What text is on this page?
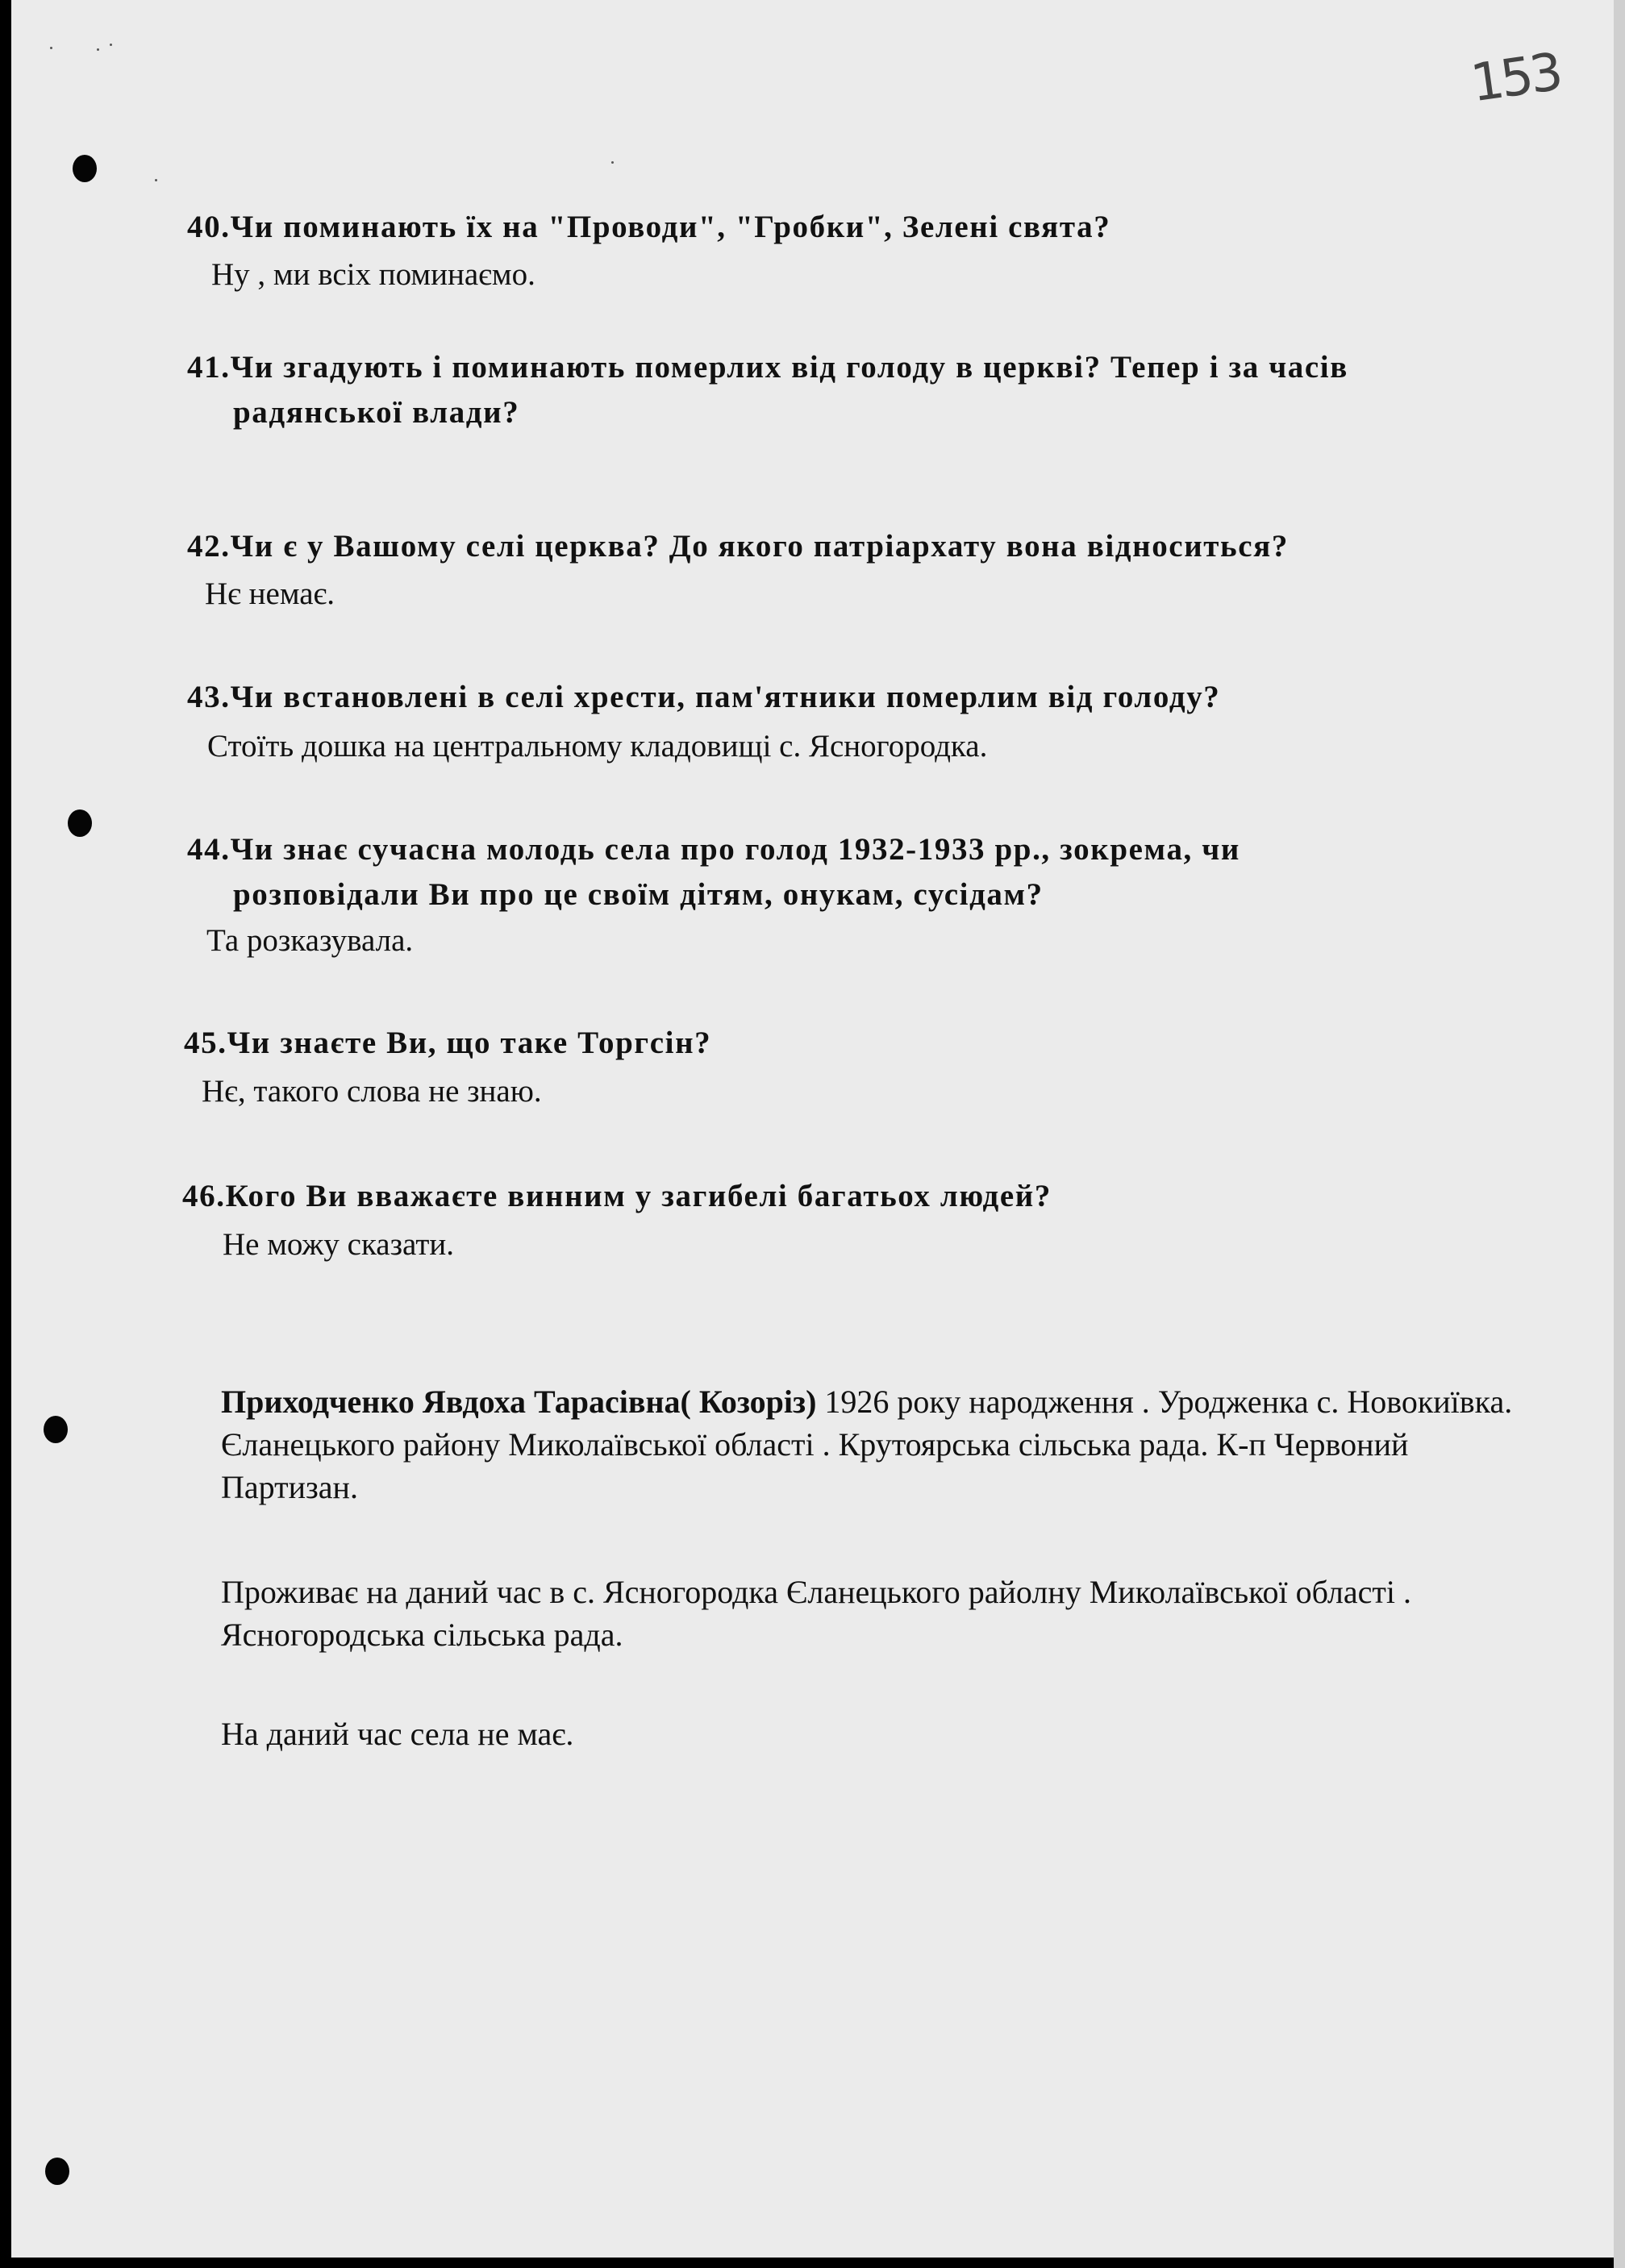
153
40.Чи поминають їх на "Проводи", "Гробки", Зелені свята?
Ну , ми всіх поминаємо.
41.Чи згадують і поминають померлих від голоду в церкві? Тепер і за часів
радянської влади?
42.Чи є у Вашому селі церква? До якого патріархату вона відноситься?
Нє немає.
43.Чи встановлені в селі хрести, пам'ятники померлим від голоду?
Стоїть дошка на центральному кладовищі с. Ясногородка.
44.Чи знає сучасна молодь села про голод 1932-1933 рр., зокрема, чи
розповідали Ви про це своїм дітям, онукам, сусідам?
Та розказувала.
45.Чи знаєте Ви, що таке Торгсін?
Нє, такого слова не знаю.
46.Кого Ви вважаєте винним у загибелі багатьох людей?
Не можу сказати.
Приходченко Явдоха Тарасівна( Козоріз) 1926 року народження . Уродженка с. Новокиївка. Єланецького району Миколаївської області . Крутоярська сільська рада. К-п Червоний Партизан.
Проживає на даний час в с. Ясногородка Єланецького райолну Миколаївської області . Ясногородська сільська рада.
На даний час села не має.
